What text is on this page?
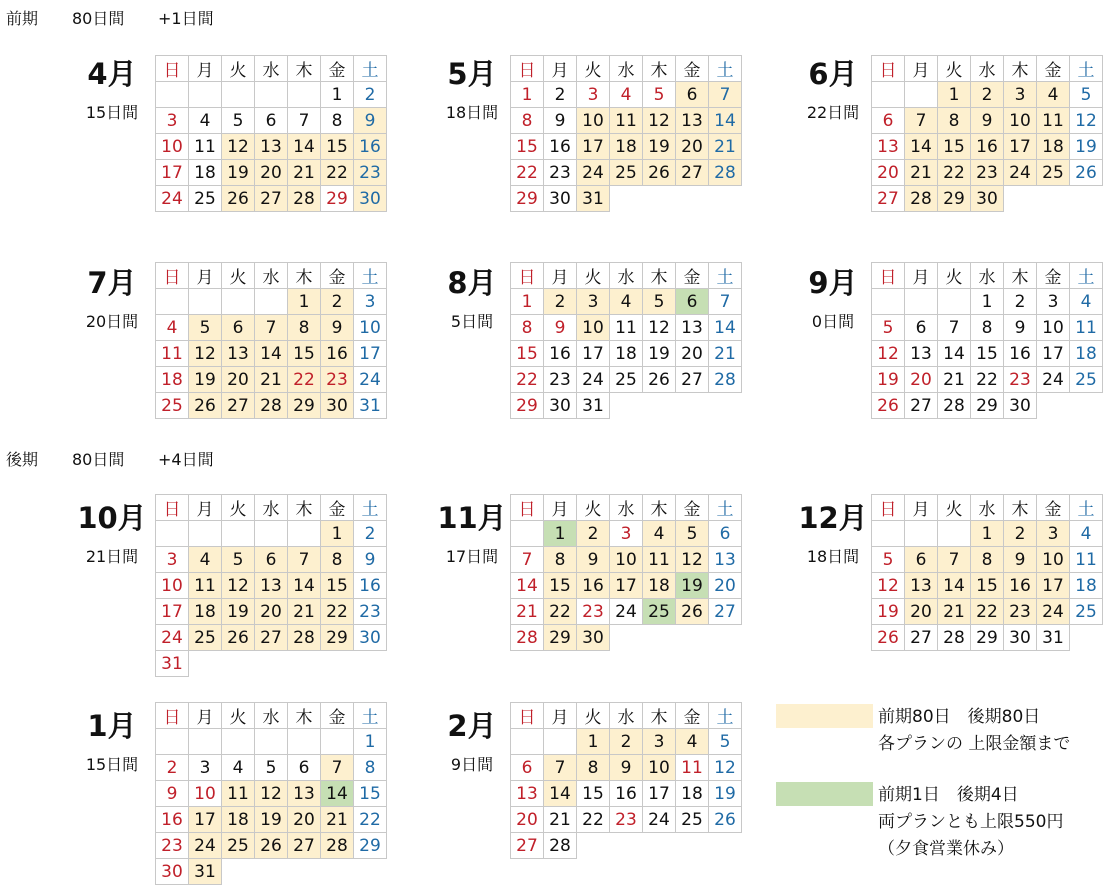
前期 80日間 +1日間
後期 80日間 +4日間
4月
15日間
日	月	火	水	木	金	土
					1	2
3	4	5	6	7	8	9
10	11	12	13	14	15	16
17	18	19	20	21	22	23
24	25	26	27	28	29	30
5月
18日間
日	月	火	水	木	金	土
1	2	3	4	5	6	7
8	9	10	11	12	13	14
15	16	17	18	19	20	21
22	23	24	25	26	27	28
29	30	31				
6月
22日間
日	月	火	水	木	金	土
		1	2	3	4	5
6	7	8	9	10	11	12
13	14	15	16	17	18	19
20	21	22	23	24	25	26
27	28	29	30			
7月
20日間
日	月	火	水	木	金	土
				1	2	3
4	5	6	7	8	9	10
11	12	13	14	15	16	17
18	19	20	21	22	23	24
25	26	27	28	29	30	31
8月
5日間
日	月	火	水	木	金	土
1	2	3	4	5	6	7
8	9	10	11	12	13	14
15	16	17	18	19	20	21
22	23	24	25	26	27	28
29	30	31				
9月
0日間
日	月	火	水	木	金	土
			1	2	3	4
5	6	7	8	9	10	11
12	13	14	15	16	17	18
19	20	21	22	23	24	25
26	27	28	29	30		
10月
21日間
日	月	火	水	木	金	土
					1	2
3	4	5	6	7	8	9
10	11	12	13	14	15	16
17	18	19	20	21	22	23
24	25	26	27	28	29	30
31						
11月
17日間
日	月	火	水	木	金	土
	1	2	3	4	5	6
7	8	9	10	11	12	13
14	15	16	17	18	19	20
21	22	23	24	25	26	27
28	29	30				
12月
18日間
日	月	火	水	木	金	土
			1	2	3	4
5	6	7	8	9	10	11
12	13	14	15	16	17	18
19	20	21	22	23	24	25
26	27	28	29	30	31	
1月
15日間
日	月	火	水	木	金	土
						1
2	3	4	5	6	7	8
9	10	11	12	13	14	15
16	17	18	19	20	21	22
23	24	25	26	27	28	29
30	31					
2月
9日間
日	月	火	水	木	金	土
		1	2	3	4	5
6	7	8	9	10	11	12
13	14	15	16	17	18	19
20	21	22	23	24	25	26
27	28					
前期80日　後期80日
各プランの 上限金額まで
前期1日　後期4日
両プランとも上限550円
（夕食営業休み）
